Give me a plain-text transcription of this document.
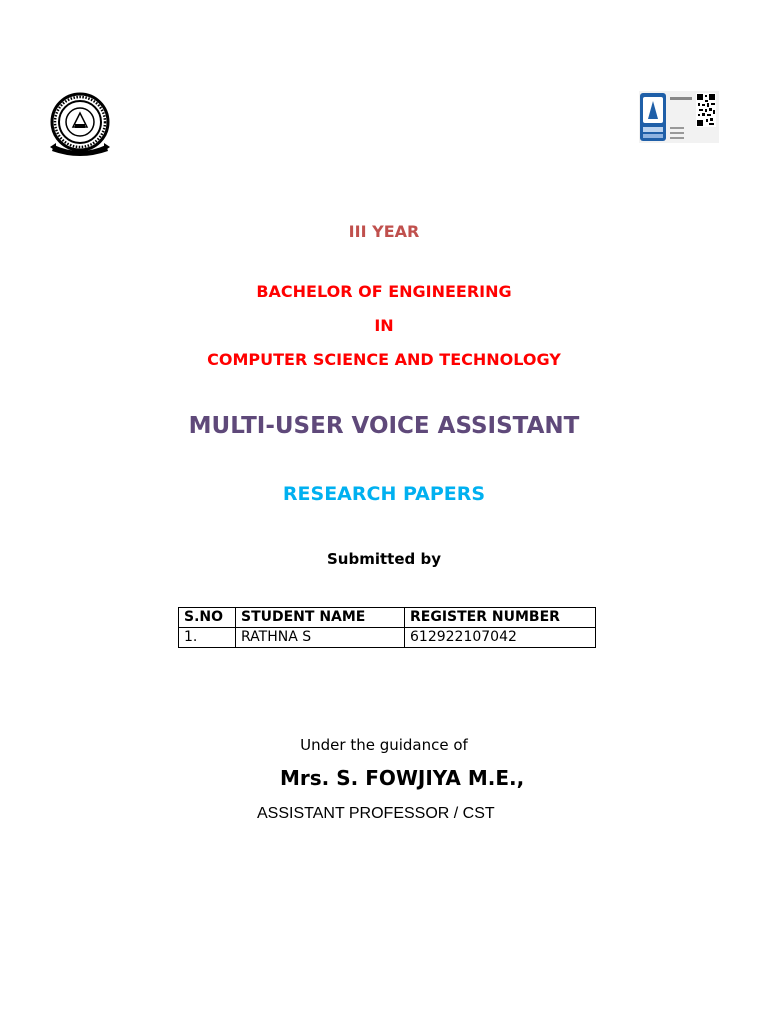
III YEAR
BACHELOR OF ENGINEERING
IN
COMPUTER SCIENCE AND TECHNOLOGY
MULTI-USER VOICE ASSISTANT
RESEARCH PAPERS
Submitted by
S.NO	STUDENT NAME	REGISTER NUMBER
1.	RATHNA S	612922107042
Under the guidance of
Mrs. S. FOWJIYA M.E.,
ASSISTANT PROFESSOR / CST
